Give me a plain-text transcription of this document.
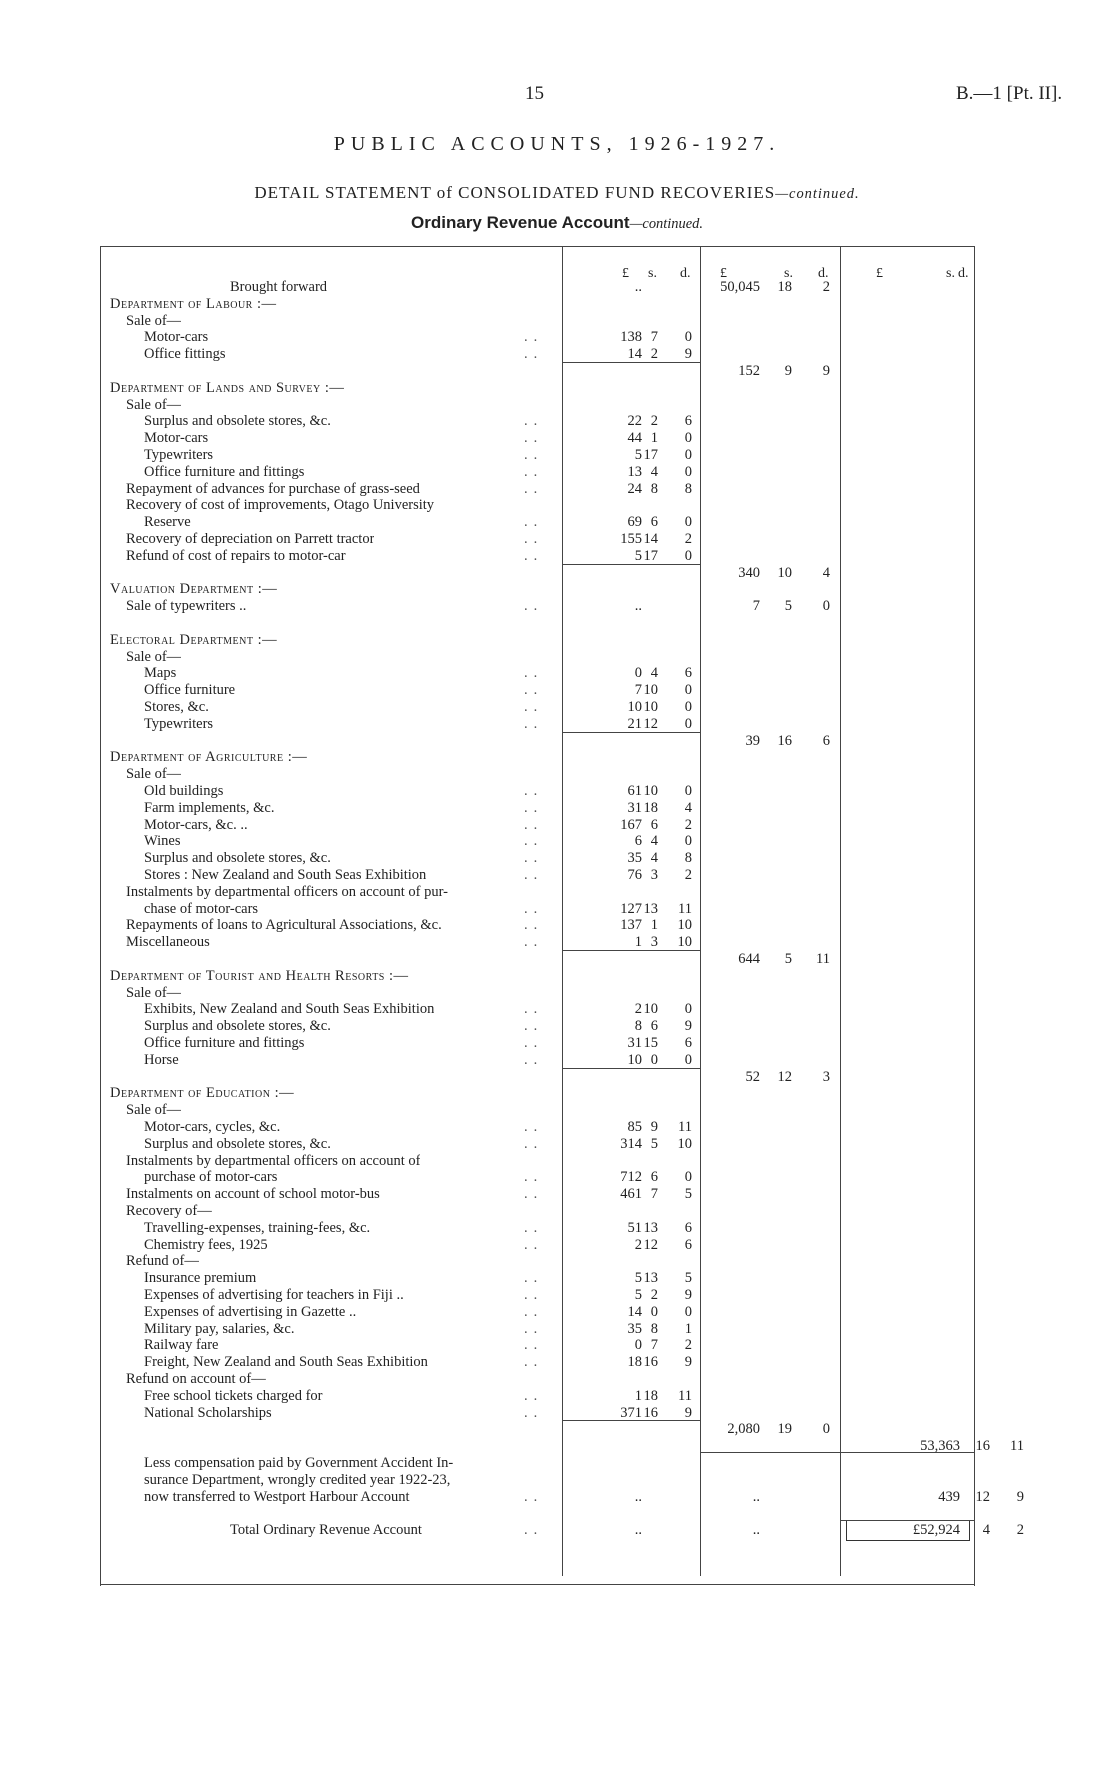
15	B.—1 [Pt. II].
PUBLIC ACCOUNTS, 1926-1927.
DETAIL STATEMENT of CONSOLIDATED FUND RECOVERIES—continued.
Ordinary Revenue Account—continued.
£ s. d. £	s. d.	£	s. d.
Brought forward	..	50,045	18	2
Department of Labour :—
Sale of—
Motor-cars	..	138 7	0
Office fittings	..	14 2	9
152	9	9
Department of Lands and Survey :—
Sale of—
Surplus and obsolete stores, &c.	..	22 2	6
Motor-cars	..	44 1	0
Typewriters	..	5 17	0
Office furniture and fittings	..	13 4	0
Repayment of advances for purchase of grass-seed	..	24 8	8
Recovery of cost of improvements, Otago University
Reserve	..	69 6	0
Recovery of depreciation on Parrett tractor	..	155 14	2
Refund of cost of repairs to motor-car	..	5 17	0
340	10	4
Valuation Department :—
Sale of typewriters ..	..	..	7	5	0
Electoral Department :—
Sale of—
Maps	..	0 4	6
Office furniture	..	7 10	0
Stores, &c.	..	10 10	0
Typewriters	..	21 12	0
39	16	6
Department of Agriculture :—
Sale of—
Old buildings	..	61 10	0
Farm implements, &c.	..	31 18	4
Motor-cars, &c. ..	..	167 6	2
Wines	..	6 4	0
Surplus and obsolete stores, &c.	..	35 4	8
Stores : New Zealand and South Seas Exhibition	..	76 3	2
Instalments by departmental officers on account of pur-
chase of motor-cars	..	127 13	11
Repayments of loans to Agricultural Associations, &c.	..	137 1	10
Miscellaneous	..	1 3	10
644	5	11
Department of Tourist and Health Resorts :—
Sale of—
Exhibits, New Zealand and South Seas Exhibition	..	2 10	0
Surplus and obsolete stores, &c.	..	8 6	9
Office furniture and fittings	..	31 15	6
Horse	..	10 0	0
52	12	3
Department of Education :—
Sale of—
Motor-cars, cycles, &c.	..	85 9	11
Surplus and obsolete stores, &c.	..	314 5	10
Instalments by departmental officers on account of
purchase of motor-cars	..	712 6	0
Instalments on account of school motor-bus	..	461 7	5
Recovery of—
Travelling-expenses, training-fees, &c.	..	51 13	6
Chemistry fees, 1925	..	2 12	6
Refund of—
Insurance premium	..	5 13	5
Expenses of advertising for teachers in Fiji ..	..	5 2	9
Expenses of advertising in Gazette ..	..	14 0	0
Military pay, salaries, &c.	..	35 8	1
Railway fare	..	0 7	2
Freight, New Zealand and South Seas Exhibition	..	18 16	9
Refund on account of—
Free school tickets charged for	..	1 18	11
National Scholarships	..	371 16	9
2,080	19	0
53,363	16	11
Less compensation paid by Government Accident In-
surance Department, wrongly credited year 1922-23,
now transferred to Westport Harbour Account	..	..	..	439	12	9
Total Ordinary Revenue Account	..	..	..	£52,924	4	2
